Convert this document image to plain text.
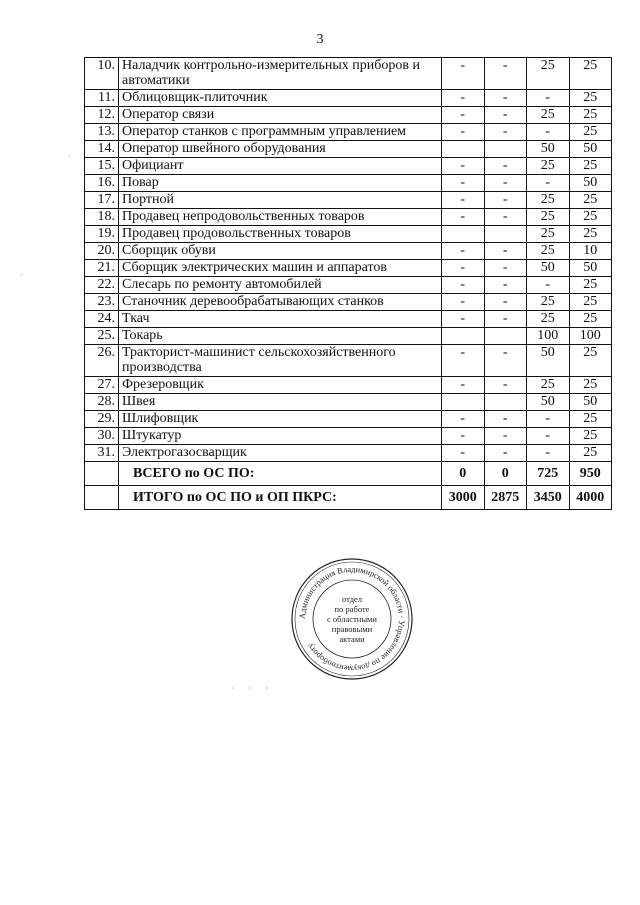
3
10.	Наладчик контрольно-измерительных приборов и автоматики	-	-	25	25
11.	Облицовщик-плиточник	-	-	-	25
12.	Оператор связи	-	-	25	25
13.	Оператор станков с программным управлением	-	-	-	25
14.	Оператор швейного оборудования			50	50
15.	Официант	-	-	25	25
16.	Повар	-	-	-	50
17.	Портной	-	-	25	25
18.	Продавец непродовольственных товаров	-	-	25	25
19.	Продавец продовольственных товаров			25	25
20.	Сборщик обуви	-	-	25	10
21.	Сборщик электрических машин и аппаратов	-	-	50	50
22.	Слесарь по ремонту автомобилей	-	-	-	25
23.	Станочник деревообрабатывающих станков	-	-	25	25
24.	Ткач	-	-	25	25
25.	Токарь			100	100
26.	Тракторист-машинист сельскохозяйственного производства	-	-	50	25
27.	Фрезеровщик	-	-	25	25
28.	Швея			50	50
29.	Шлифовщик	-	-	-	25
30.	Штукатур	-	-	-	25
31.	Электрогазосварщик	-	-	-	25
	ВСЕГО по ОС ПО:	0	0	725	950
	ИТОГО по ОС ПО и ОП ПКРС:	3000	2875	3450	4000
Администрация Владимирской области · Управление по документообороту
отдел
по работе
с областными
правовыми
актами
·
·
· · ·
